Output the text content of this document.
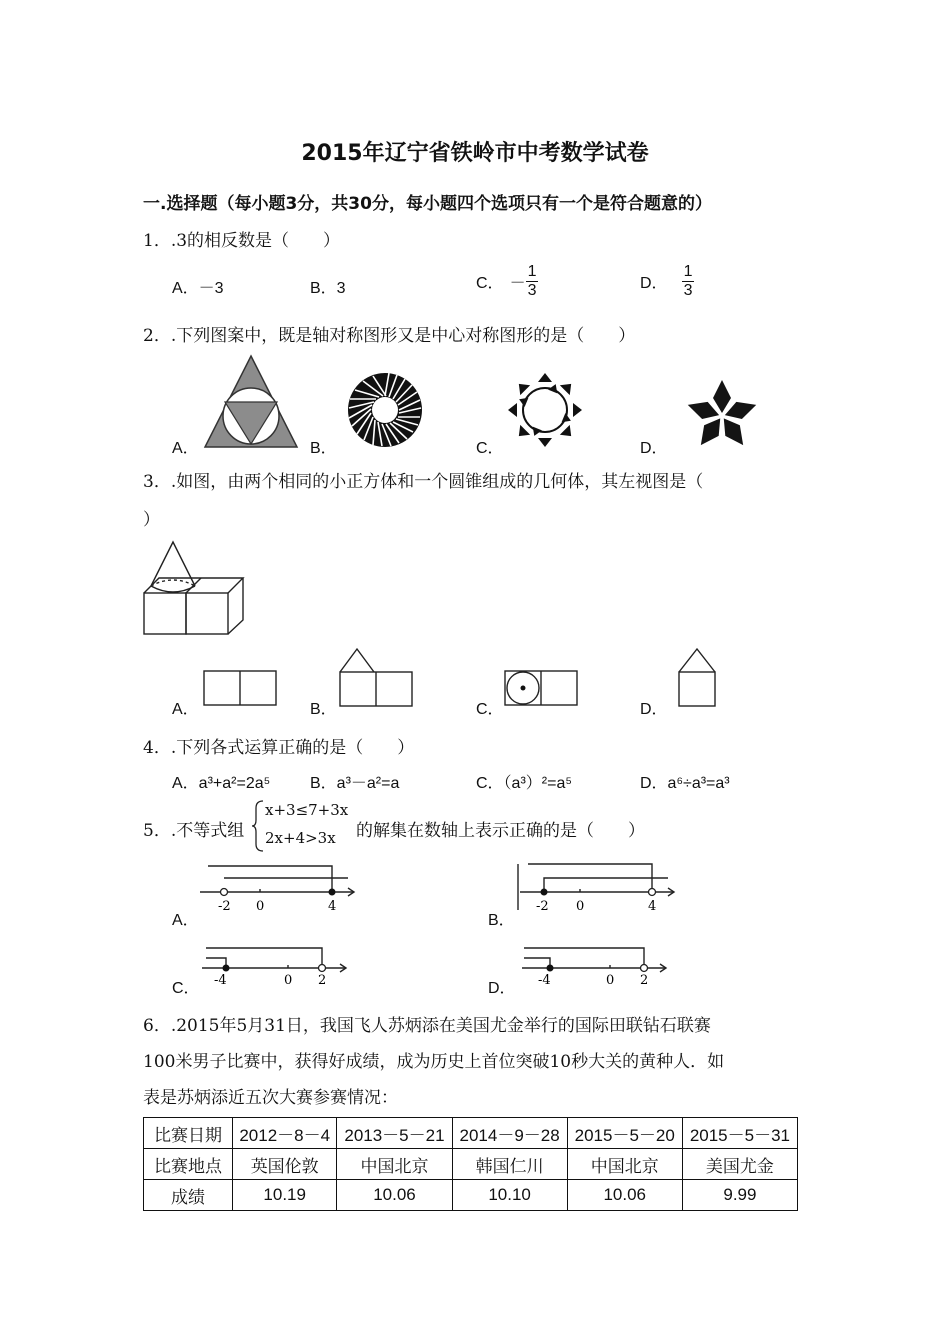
2015年辽宁省铁岭市中考数学试卷
一.选择题（每小题3分，共30分，每小题四个选项只有一个是符合题意的）
1．.3的相反数是（　　）
A．－3	B．3	C． － $\frac{1}{3}$	D． $\frac{1}{3}$
2．.下列图案中，既是轴对称图形又是中心对称图形的是（　　）
A．	B．	C．	D．
3．.如图，由两个相同的小正方体和一个圆锥组成的几何体，其左视图是（
）
A．	B．	C．	D．
4．.下列各式运算正确的是（　　）
A．a³+a²=2a⁵ B．a³－a²=a	C．（a³）²=a⁵	D．a⁶÷a³=a³
5．.不等式组
x+3≤7+3x
2x+4>3x 的解集在数轴上表示正确的是（　　）
A．	B．
C．	D．
-2 0	4	-2 0	4
-4	0 2	-4	0 2
6．.2015年5月31日，我国飞人苏炳添在美国尤金举行的国际田联钻石联赛
100米男子比赛中，获得好成绩，成为历史上首位突破10秒大关的黄种人．如
表是苏炳添近五次大赛参赛情况：
比赛日期	2012－8－4	2013－5－21	2014－9－28	2015－5－20	2015－5－31
比赛地点	英国伦敦	中国北京	韩国仁川	中国北京	美国尤金
成绩	10.19	10.06	10.10	10.06	9.99
